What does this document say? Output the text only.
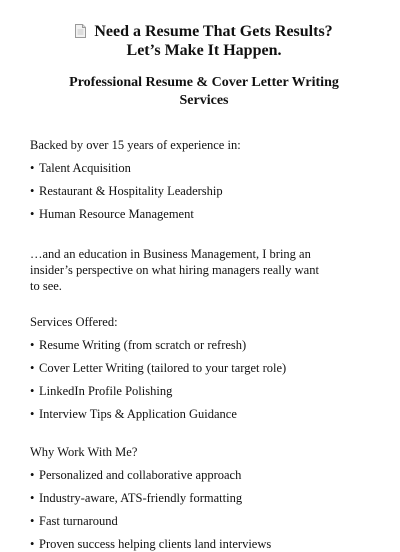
Need a Resume That Gets Results?
Let’s Make It Happen.
Professional Resume & Cover Letter Writing
Services

Backed by over 15 years of experience in:

• Talent Acquisition
• Restaurant & Hospitality Leadership
• Human Resource Management

…and an education in Business Management, I bring an
insider’s perspective on what hiring managers really want
to see.

Services Offered:

• Resume Writing (from scratch or refresh)
• Cover Letter Writing (tailored to your target role)
• LinkedIn Profile Polishing
• Interview Tips & Application Guidance

Why Work With Me?

• Personalized and collaborative approach
• Industry-aware, ATS-friendly formatting
• Fast turnaround
• Proven success helping clients land interviews
